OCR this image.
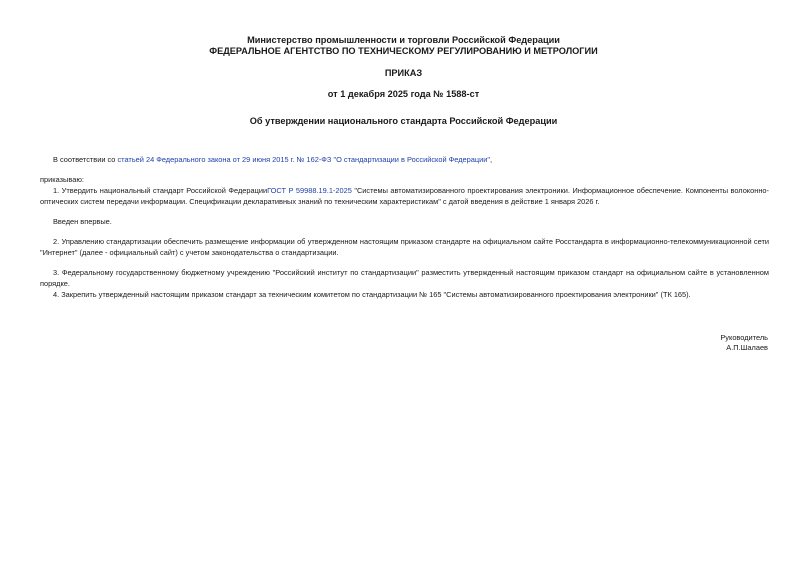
Министерство промышленности и торговли Российской Федерации
ФЕДЕРАЛЬНОЕ АГЕНТСТВО ПО ТЕХНИЧЕСКОМУ РЕГУЛИРОВАНИЮ И МЕТРОЛОГИИ
ПРИКАЗ
от 1 декабря 2025 года № 1588-ст
Об утверждении национального стандарта Российской Федерации
В соответствии со статьей 24 Федерального закона от 29 июня 2015 г. № 162-ФЗ "О стандартизации в Российской Федерации",
приказываю:
1. Утвердить национальный стандарт Российской ФедерацииГОСТ Р 59988.19.1-2025 "Системы автоматизированного проектирования электроники. Информационное обеспечение. Компоненты волоконно-оптических систем передачи информации. Спецификации декларативных знаний по техническим характеристикам" с датой введения в действие 1 января 2026 г.
Введен впервые.
2. Управлению стандартизации обеспечить размещение информации об утвержденном настоящим приказом стандарте на официальном сайте Росстандарта в информационно-телекоммуникационной сети "Интернет" (далее - официальный сайт) с учетом законодательства о стандартизации.
3. Федеральному государственному бюджетному учреждению "Российский институт по стандартизации" разместить утвержденный настоящим приказом стандарт на официальном сайте в установленном порядке.
4. Закрепить утвержденный настоящим приказом стандарт за техническим комитетом по стандартизации № 165 "Системы автоматизированного проектирования электроники" (ТК 165).
Руководитель
А.П.Шалаев
